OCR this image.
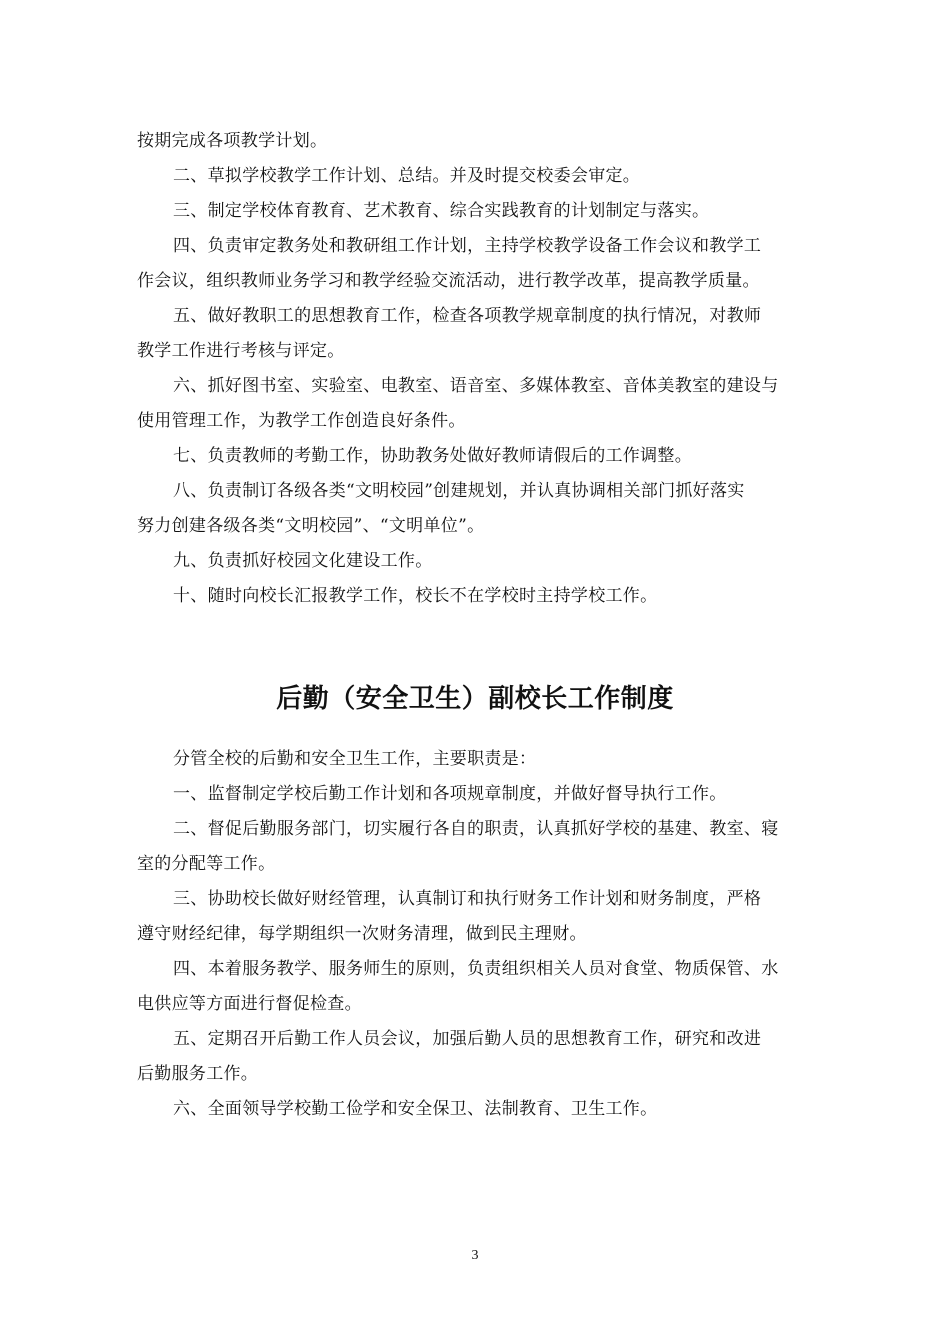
按期完成各项教学计划。
二、草拟学校教学工作计划、总结。并及时提交校委会审定。
三、制定学校体育教育、艺术教育、综合实践教育的计划制定与落实。
四、负责审定教务处和教研组工作计划，主持学校教学设备工作会议和教学工
作会议，组织教师业务学习和教学经验交流活动，进行教学改革，提高教学质量。
五、做好教职工的思想教育工作，检查各项教学规章制度的执行情况，对教师
教学工作进行考核与评定。
六、抓好图书室、实验室、电教室、语音室、多媒体教室、音体美教室的建设与
使用管理工作，为教学工作创造良好条件。
七、负责教师的考勤工作，协助教务处做好教师请假后的工作调整。
八、负责制订各级各类“文明校园”创建规划，并认真协调相关部门抓好落实
努力创建各级各类“文明校园”、“文明单位”。
九、负责抓好校园文化建设工作。
十、随时向校长汇报教学工作，校长不在学校时主持学校工作。
后勤（安全卫生）副校长工作制度
分管全校的后勤和安全卫生工作，主要职责是：
一、监督制定学校后勤工作计划和各项规章制度，并做好督导执行工作。
二、督促后勤服务部门，切实履行各自的职责，认真抓好学校的基建、教室、寝
室的分配等工作。
三、协助校长做好财经管理，认真制订和执行财务工作计划和财务制度，严格
遵守财经纪律，每学期组织一次财务清理，做到民主理财。
四、本着服务教学、服务师生的原则，负责组织相关人员对食堂、物质保管、水
电供应等方面进行督促检查。
五、定期召开后勤工作人员会议，加强后勤人员的思想教育工作，研究和改进
后勤服务工作。
六、全面领导学校勤工俭学和安全保卫、法制教育、卫生工作。
3
